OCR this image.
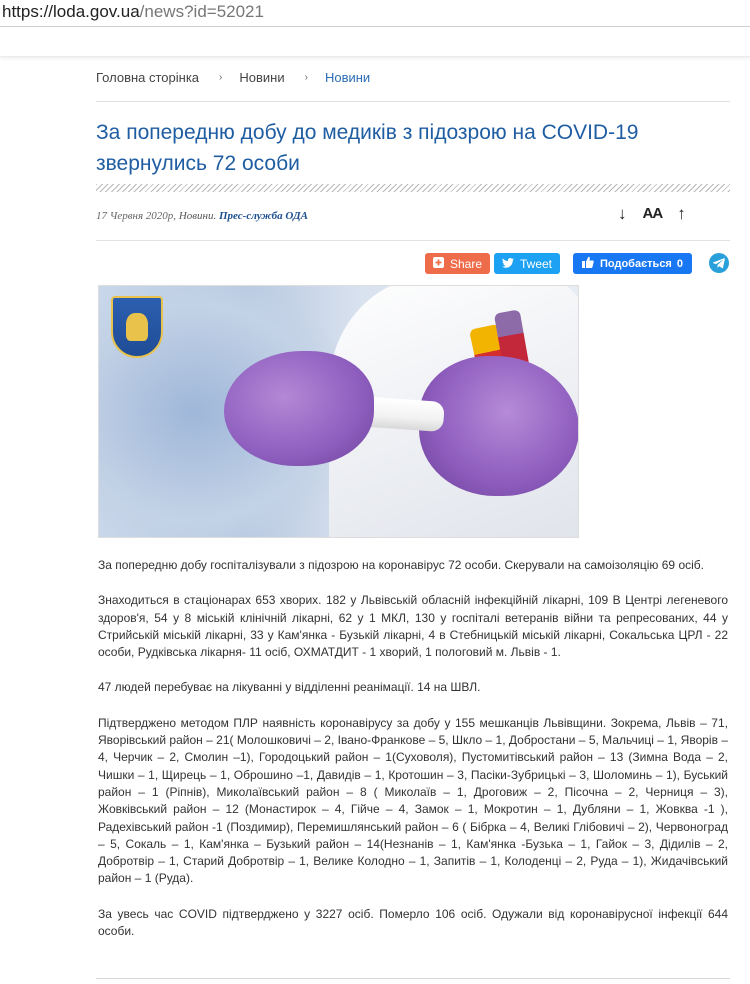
https://loda.gov.ua/news?id=52021
Головна сторінка › Новини › Новини
За попередню добу до медиків з підозрою на COVID-19 звернулись 72 особи
17 Червня 2020р, Новини. Прес-служба ОДА	↓ A A ↑
Share	Tweet	Подобається 0

За попередню добу госпіталізували з підозрою на коронавірус 72 особи. Скерували на самоізоляцію 69 осіб.

Знаходиться в стаціонарах 653 хворих. 182 у Львівській обласній інфекційній лікарні, 109 В Центрі легеневого здоров'я, 54 у 8 міській клінічній лікарні, 62 у 1 МКЛ, 130 у госпіталі ветеранів війни та репресованих, 44 у Стрийській міській лікарні, 33 у Кам'янка - Бузькій лікарні, 4 в Стебницькій міській лікарні, Сокальська ЦРЛ - 22 особи, Рудківська лікарня- 11 осіб, ОХМАТДИТ - 1 хворий, 1 пологовий м. Львів - 1.

47 людей перебуває на лікуванні у відділенні реанімації. 14 на ШВЛ.

Підтверджено методом ПЛР наявність коронавірусу за добу у 155 мешканців Львівщини. Зокрема, Львів – 71, Яворівський район – 21( Молошковичі – 2, Івано-Франкове – 5, Шкло – 1, Добростани – 5, Мальчиці – 1, Яворів – 4, Черчик – 2, Смолин –1), Городоцький район – 1(Суховоля), Пустомитівський район – 13 (Зимна Вода – 2, Чишки – 1, Щирець – 1, Оброшино –1, Давидів – 1, Кротошин – 3, Пасіки-Зубрицькі – 3, Шоломинь – 1), Буський район – 1 (Ріпнів), Миколаївський район – 8 ( Миколаїв – 1, Дроговиж – 2, Пісочна – 2, Черниця – 3), Жовківський район – 12 (Монастирок – 4, Гійче – 4, Замок – 1, Мокротин – 1, Дубляни – 1, Жовква -1 ), Радехівський район -1 (Поздимир), Перемишлянський район – 6 ( Бібрка – 4, Великі Глібовичі – 2), Червоноград – 5, Сокаль – 1, Кам'янка – Бузький район – 14(Незнанів – 1, Кам'янка -Бузька – 1, Гайок – 3, Дідилів – 2, Добротвір – 1, Старий Добротвір – 1, Велике Колодно – 1, Запитів – 1, Колоденці – 2, Руда – 1), Жидачівський район – 1 (Руда).

За увесь час COVID підтверджено у 3227 осіб. Померло 106 осіб. Одужали від коронавірусної інфекції 644 особи.
